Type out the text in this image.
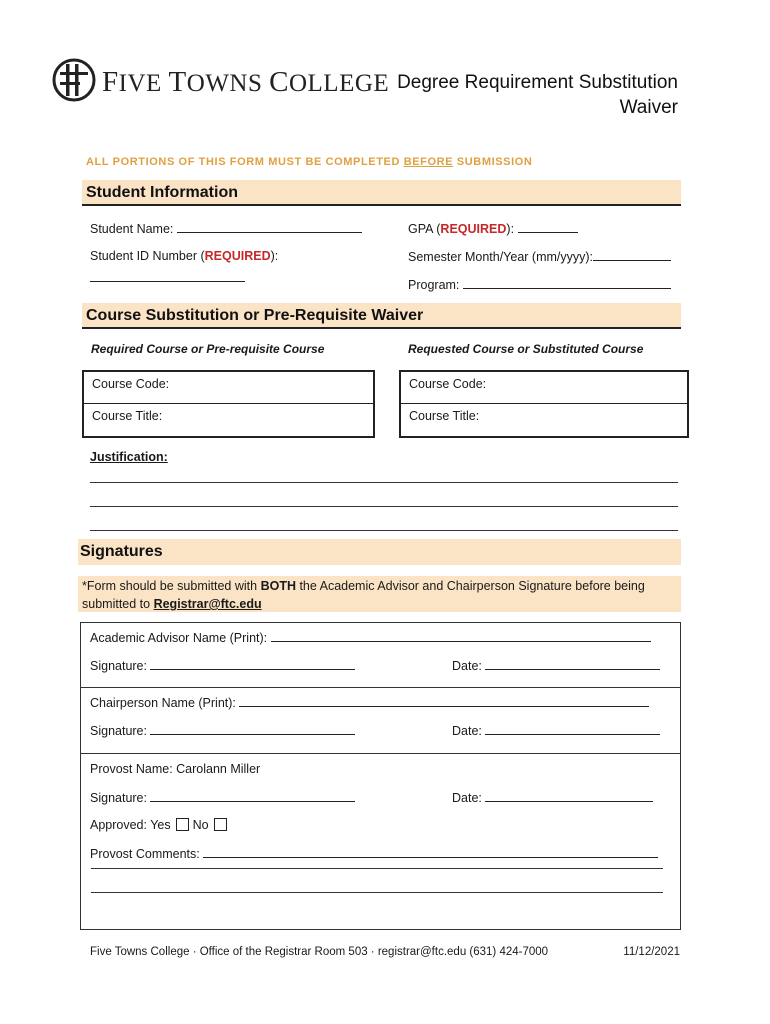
FIVE TOWNS COLLEGE Degree Requirement Substitution
Waiver
ALL PORTIONS OF THIS FORM MUST BE COMPLETED BEFORE SUBMISSION
Student Information
Student Name:	GPA (REQUIRED):
Student ID Number (REQUIRED):	Semester Month/Year (mm/yyyy):
Program:
Course Substitution or Pre-Requisite Waiver
Required Course or Pre-requisite Course	Requested Course or Substituted Course
Course Code:
Course Title:
Course Code:
Course Title:
Justification:
Signatures
*Form should be submitted with BOTH the Academic Advisor and Chairperson Signature before being
submitted to Registrar@ftc.edu
Academic Advisor Name (Print):
Signature:	Date:
Chairperson Name (Print):
Signature:	Date:
Provost Name: Carolann Miller
Signature:	Date:
Approved: Yes No
Provost Comments:
Five Towns College · Office of the Registrar Room 503 · registrar@ftc.edu (631) 424-7000	11/12/2021
